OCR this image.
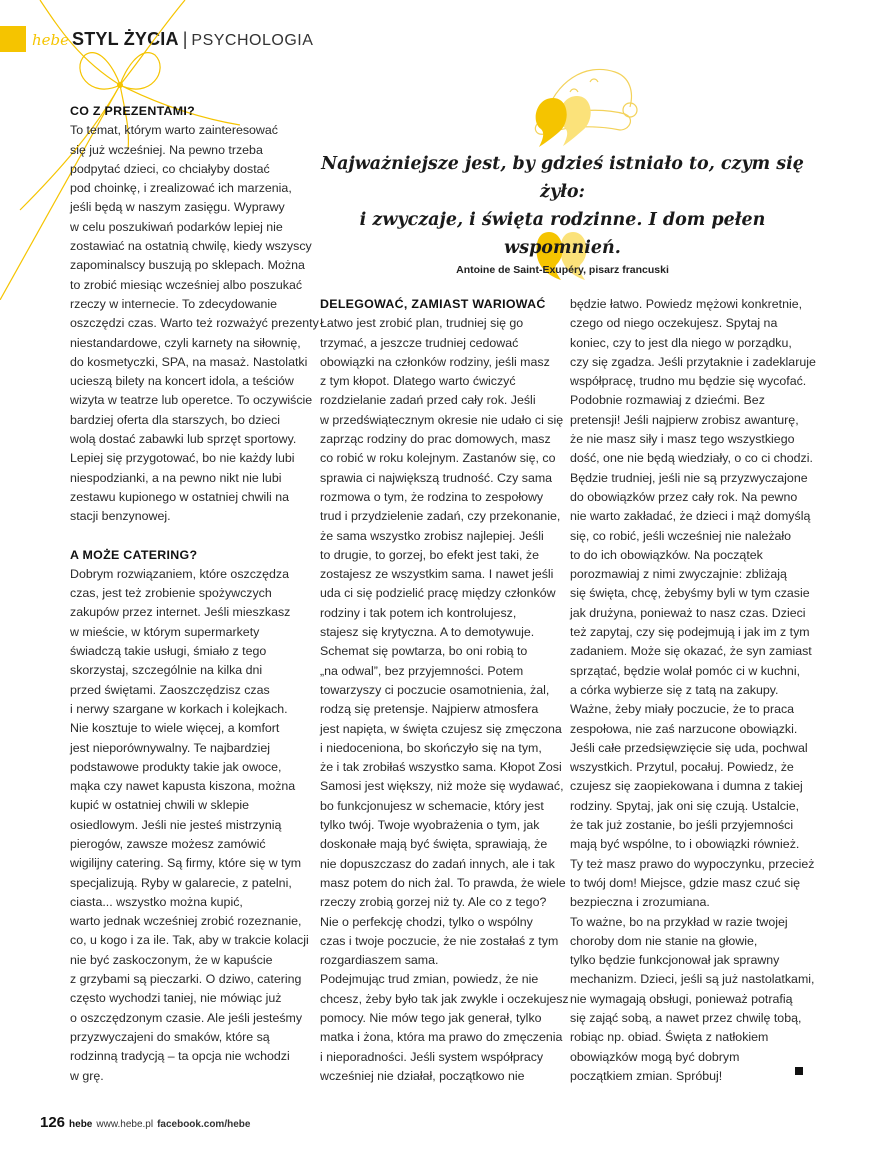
hebe STYL ŻYCIA | PSYCHOLOGIA
Najważniejsze jest, by gdzieś istniało to, czym się żyło:
i zwyczaje, i święta rodzinne. I dom pełen wspomnień.
Antoine de Saint-Exupéry, pisarz francuski
CO Z PREZENTAMI?
To temat, którym warto zainteresować
się już wcześniej. Na pewno trzeba
podpytać dzieci, co chciałyby dostać
pod choinkę, i zrealizować ich marzenia,
jeśli będą w naszym zasięgu. Wyprawy
w celu poszukiwań podarków lepiej nie
zostawiać na ostatnią chwilę, kiedy wszyscy
zapominalscy buszują po sklepach. Można
to zrobić miesiąc wcześniej albo poszukać
rzeczy w internecie. To zdecydowanie
oszczędzi czas. Warto też rozważyć prezenty
niestandardowe, czyli karnety na siłownię,
do kosmetyczki, SPA, na masaż. Nastolatki
ucieszą bilety na koncert idola, a teściów
wizyta w teatrze lub operetce. To oczywiście
bardziej oferta dla starszych, bo dzieci
wolą dostać zabawki lub sprzęt sportowy.
Lepiej się przygotować, bo nie każdy lubi
niespodzianki, a na pewno nikt nie lubi
zestawu kupionego w ostatniej chwili na
stacji benzynowej.
A MOŻE CATERING?
Dobrym rozwiązaniem, które oszczędza
czas, jest też zrobienie spożywczych
zakupów przez internet. Jeśli mieszkasz
w mieście, w którym supermarkety
świadczą takie usługi, śmiało z tego
skorzystaj, szczególnie na kilka dni
przed świętami. Zaoszczędzisz czas
i nerwy szargane w korkach i kolejkach.
Nie kosztuje to wiele więcej, a komfort
jest nieporównywalny. Te najbardziej
podstawowe produkty takie jak owoce,
mąka czy nawet kapusta kiszona, można
kupić w ostatniej chwili w sklepie
osiedlowym. Jeśli nie jesteś mistrzynią
pierogów, zawsze możesz zamówić
wigilijny catering. Są firmy, które się w tym
specjalizują. Ryby w galarecie, z patelni,
ciasta... wszystko można kupić,
warto jednak wcześniej zrobić rozeznanie,
co, u kogo i za ile. Tak, aby w trakcie kolacji
nie być zaskoczonym, że w kapuście
z grzybami są pieczarki. O dziwo, catering
często wychodzi taniej, nie mówiąc już
o oszczędzonym czasie. Ale jeśli jesteśmy
przyzwyczajeni do smaków, które są
rodzinną tradycją – ta opcja nie wchodzi
w grę.
DELEGOWAĆ, ZAMIAST WARIOWAĆ
Łatwo jest zrobić plan, trudniej się go
trzymać, a jeszcze trudniej cedować
obowiązki na członków rodziny, jeśli masz
z tym kłopot. Dlatego warto ćwiczyć
rozdzielanie zadań przed cały rok. Jeśli
w przedświątecznym okresie nie udało ci się
zaprząc rodziny do prac domowych, masz
co robić w roku kolejnym. Zastanów się, co
sprawia ci największą trudność. Czy sama
rozmowa o tym, że rodzina to zespołowy
trud i przydzielenie zadań, czy przekonanie,
że sama wszystko zrobisz najlepiej. Jeśli
to drugie, to gorzej, bo efekt jest taki, że
zostajesz ze wszystkim sama. I nawet jeśli
uda ci się podzielić pracę między członków
rodziny i tak potem ich kontrolujesz,
stajesz się krytyczna. A to demotywuje.
Schemat się powtarza, bo oni robią to
„na odwal”, bez przyjemności. Potem
towarzyszy ci poczucie osamotnienia, żal,
rodzą się pretensje. Najpierw atmosfera
jest napięta, w święta czujesz się zmęczona
i niedoceniona, bo skończyło się na tym,
że i tak zrobiłaś wszystko sama. Kłopot Zosi
Samosi jest większy, niż może się wydawać,
bo funkcjonujesz w schemacie, który jest
tylko twój. Twoje wyobrażenia o tym, jak
doskonałe mają być święta, sprawiają, że
nie dopuszczasz do zadań innych, ale i tak
masz potem do nich żal. To prawda, że wiele
rzeczy zrobią gorzej niż ty. Ale co z tego?
Nie o perfekcję chodzi, tylko o wspólny
czas i twoje poczucie, że nie zostałaś z tym
rozgardiaszem sama.
Podejmując trud zmian, powiedz, że nie
chcesz, żeby było tak jak zwykle i oczekujesz
pomocy. Nie mów tego jak generał, tylko
matka i żona, która ma prawo do zmęczenia
i nieporadności. Jeśli system współpracy
wcześniej nie działał, początkowo nie
będzie łatwo. Powiedz mężowi konkretnie,
czego od niego oczekujesz. Spytaj na
koniec, czy to jest dla niego w porządku,
czy się zgadza. Jeśli przytaknie i zadeklaruje
współpracę, trudno mu będzie się wycofać.
Podobnie rozmawiaj z dziećmi. Bez
pretensji! Jeśli najpierw zrobisz awanturę,
że nie masz siły i masz tego wszystkiego
dość, one nie będą wiedziały, o co ci chodzi.
Będzie trudniej, jeśli nie są przyzwyczajone
do obowiązków przez cały rok. Na pewno
nie warto zakładać, że dzieci i mąż domyślą
się, co robić, jeśli wcześniej nie należało
to do ich obowiązków. Na początek
porozmawiaj z nimi zwyczajnie: zbliżają
się święta, chcę, żebyśmy byli w tym czasie
jak drużyna, ponieważ to nasz czas. Dzieci
też zapytaj, czy się podejmują i jak im z tym
zadaniem. Może się okazać, że syn zamiast
sprzątać, będzie wolał pomóc ci w kuchni,
a córka wybierze się z tatą na zakupy.
Ważne, żeby miały poczucie, że to praca
zespołowa, nie zaś narzucone obowiązki.
Jeśli całe przedsięwzięcie się uda, pochwal
wszystkich. Przytul, pocałuj. Powiedz, że
czujesz się zaopiekowana i dumna z takiej
rodziny. Spytaj, jak oni się czują. Ustalcie,
że tak już zostanie, bo jeśli przyjemności
mają być wspólne, to i obowiązki również.
Ty też masz prawo do wypoczynku, przecież
to twój dom! Miejsce, gdzie masz czuć się
bezpieczna i zrozumiana.
To ważne, bo na przykład w razie twojej
choroby dom nie stanie na głowie,
tylko będzie funkcjonował jak sprawny
mechanizm. Dzieci, jeśli są już nastolatkami,
nie wymagają obsługi, ponieważ potrafią
się zająć sobą, a nawet przez chwilę tobą,
robiąc np. obiad. Święta z natłokiem
obowiązków mogą być dobrym
początkiem zmian. Spróbuj!
126 hebe www.hebe.pl facebook.com/hebe
